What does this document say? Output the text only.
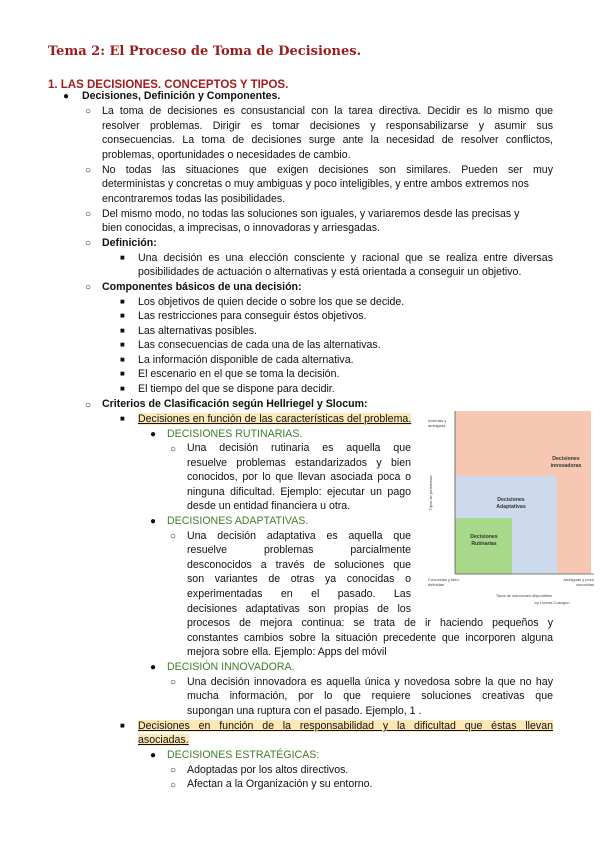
Tema 2: El Proceso de Toma de Decisiones.
1. LAS DECISIONES. CONCEPTOS Y TIPOS.
● Decisiones, Definición y Componentes.
○ La toma de decisiones es consustancial con la tarea directiva. Decidir es lo mismo que
resolver problemas. Dirigir es tomar decisiones y responsabilizarse y asumir sus
consecuencias. La toma de decisiones surge ante la necesidad de resolver conflictos,
problemas, oportunidades o necesidades de cambio.
○ No todas las situaciones que exigen decisiones son similares. Pueden ser muy
deterministas y concretas o muy ambiguas y poco inteligibles, y entre ambos extremos nos
encontraremos todas las posibilidades.
○ Del mismo modo, no todas las soluciones son iguales, y variaremos desde las precisas y
bien conocidas, a imprecisas, o innovadoras y arriesgadas.
○ Definición:
■ Una decisión es una elección consciente y racional que se realiza entre diversas
posibilidades de actuación o alternativas y está orientada a conseguir un objetivo.
○ Componentes básicos de una decisión:
■ Los objetivos de quien decide o sobre los que se decide.
■ Las restricciones para conseguir éstos objetivos.
■ Las alternativas posibles.
■ Las consecuencias de cada una de las alternativas.
■ La información disponible de cada alternativa.
■ El escenario en el que se toma la decisión.
■ El tiempo del que se dispone para decidir.
○ Criterios de Clasificación según Hellriegel y Slocum:
■ Decisiones en función de las características del problema.
● DECISIONES RUTINARIAS.
○ Una decisión rutinaria es aquella que
resuelve problemas estandarizados y bien
conocidos, por lo que llevan asociada poca o
ninguna dificultad. Ejemplo: ejecutar un pago
desde un entidad financiera u otra.
● DECISIONES ADAPTATIVAS.
○ Una decisión adaptativa es aquella que
resuelve problemas parcialmente
desconocidos a través de soluciones que
son variantes de otras ya conocidas o
experimentadas en el pasado. Las
decisiones adaptativas son propias de los
procesos de mejora continua: se trata de ir haciendo pequeños y
constantes cambios sobre la situación precedente que incorporen alguna
mejora sobre ella. Ejemplo: Apps del móvil
● DECISIÓN INNOVADORA.
○ Una decisión innovadora es aquella única y novedosa sobre la que no hay
mucha información, por lo que requiere soluciones creativas que
supongan una ruptura con el pasado. Ejemplo, 1 .
■ Decisiones en función de la responsabilidad y la dificultad que éstas llevan
asociadas.
● DECISIONES ESTRATÉGICAS:
○ Adoptadas por los altos directivos.
○ Afectan a la Organización y su entorno.
Decisiones
innovadoras
Decisiones
Adaptativas
Decisiones
Rutinarias
Inciertas y
ambiguas
Conocidas y bien
definidas
Ambiguas y poco
conocidas
Tipos de soluciones disponibles
by Lorena Cosagon
Tipos de problemas
